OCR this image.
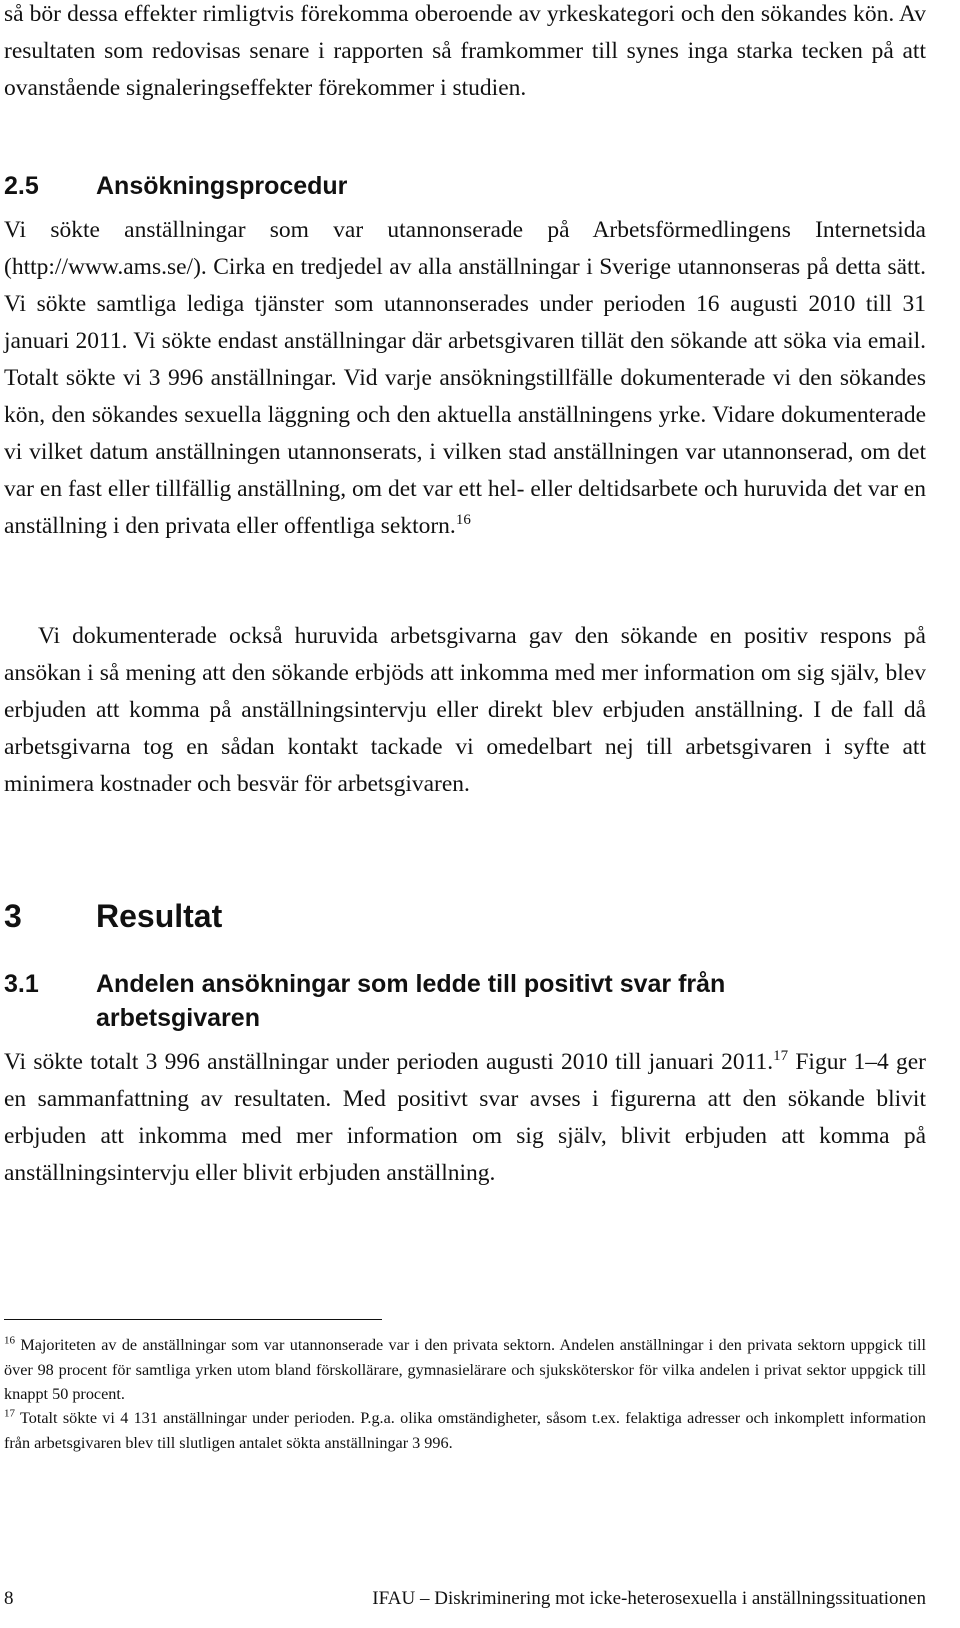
så bör dessa effekter rimligtvis förekomma oberoende av yrkeskategori och den sökandes kön. Av resultaten som redovisas senare i rapporten så framkommer till synes inga starka tecken på att ovanstående signaleringseffekter förekommer i studien.

2.5	Ansökningsprocedur

Vi sökte anställningar som var utannonserade på Arbetsförmedlingens Internetsida (http://www.ams.se/). Cirka en tredjedel av alla anställningar i Sverige utannonseras på detta sätt. Vi sökte samtliga lediga tjänster som utannonserades under perioden 16 augusti 2010 till 31 januari 2011. Vi sökte endast anställningar där arbetsgivaren tillät den sökande att söka via email. Totalt sökte vi 3 996 anställningar. Vid varje ansökningstillfälle dokumenterade vi den sökandes kön, den sökandes sexuella läggning och den aktuella anställningens yrke. Vidare dokumenterade vi vilket datum anställningen utannonserats, i vilken stad anställningen var utannonserad, om det var en fast eller tillfällig anställning, om det var ett hel- eller deltidsarbete och huruvida det var en anställning i den privata eller offentliga sektorn.$^{16}$

Vi dokumenterade också huruvida arbetsgivarna gav den sökande en positiv respons på ansökan i så mening att den sökande erbjöds att inkomma med mer information om sig själv, blev erbjuden att komma på anställningsintervju eller direkt blev erbjuden anställning. I de fall då arbetsgivarna tog en sådan kontakt tackade vi omedelbart nej till arbetsgivaren i syfte att minimera kostnader och besvär för arbetsgivaren.

3	Resultat
3.1	Andelen ansökningar som ledde till positivt svar från
arbetsgivaren

Vi sökte totalt 3 996 anställningar under perioden augusti 2010 till januari 2011.17 Figur 1–4 ger en sammanfattning av resultaten. Med positivt svar avses i figurerna att den sökande blivit erbjuden att inkomma med mer information om sig själv, blivit erbjuden att komma på anställningsintervju eller blivit erbjuden anställning.

$^{16}$ Majoriteten av de anställningar som var utannonserade var i den privata sektorn. Andelen anställningar i den privata sektorn uppgick till över 98 procent för samtliga yrken utom bland förskollärare, gymnasielärare och sjuksköterskor för vilka andelen i privat sektor uppgick till knappt 50 procent.

$^{17}$ Totalt sökte vi 4 131 anställningar under perioden. P.g.a. olika omständigheter, såsom t.ex. felaktiga adresser och inkomplett information från arbetsgivaren blev till slutligen antalet sökta anställningar 3 996.

8	IFAU – Diskriminering mot icke-heterosexuella i anställningssituationen
